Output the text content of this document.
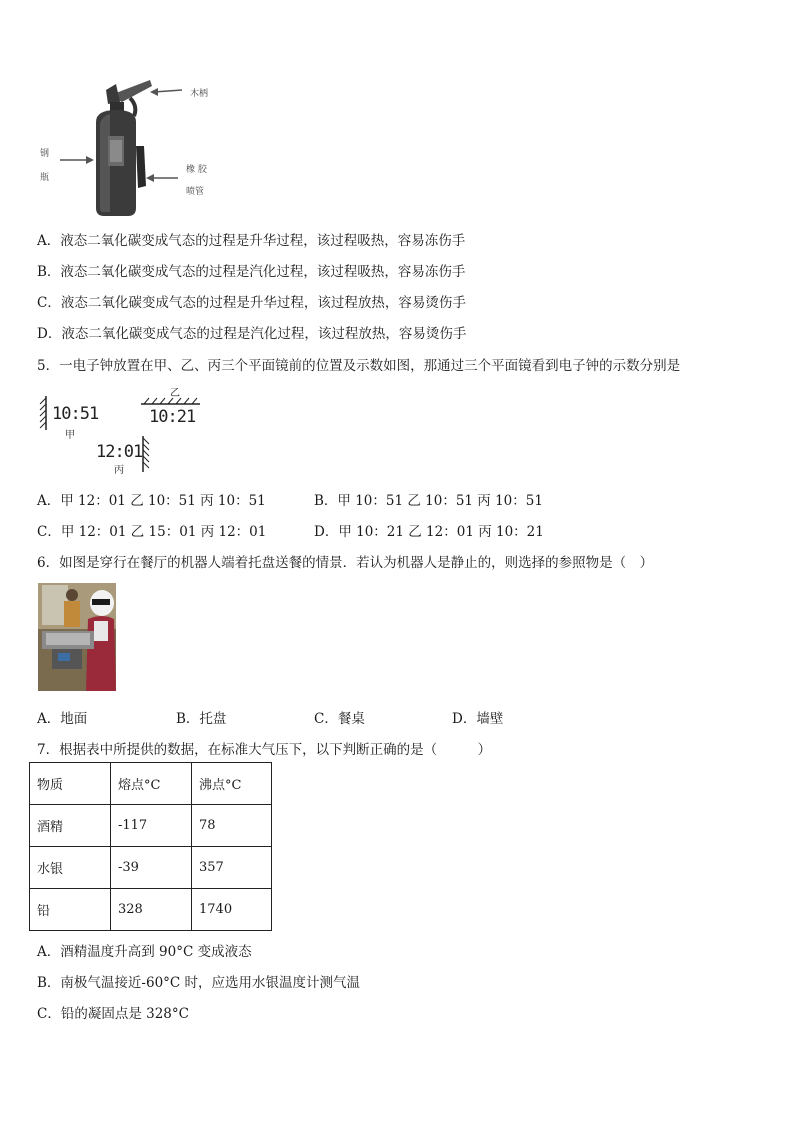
木柄
钢
瓶
橡 胶
喷管
A．液态二氧化碳变成气态的过程是升华过程，该过程吸热，容易冻伤手
B．液态二氧化碳变成气态的过程是汽化过程，该过程吸热，容易冻伤手
C．液态二氧化碳变成气态的过程是升华过程，该过程放热，容易烫伤手
D．液态二氧化碳变成气态的过程是汽化过程，该过程放热，容易烫伤手
5．一电子钟放置在甲、乙、丙三个平面镜前的位置及示数如图，那通过三个平面镜看到电子钟的示数分别是
10:51
甲
乙
10:21
12:01
丙
A．甲 12：01 乙 10：51 丙 10：51	B．甲 10：51 乙 10：51 丙 10：51
C．甲 12：01 乙 15：01 丙 12：01	D．甲 10：21 乙 12：01 丙 10：21
6．如图是穿行在餐厅的机器人端着托盘送餐的情景．若认为机器人是静止的，则选择的参照物是（　）
A．地面	B．托盘	C．餐桌	D．墙壁
7．根据表中所提供的数据，在标准大气压下，以下判断正确的是（　　　）
物质	熔点°C	沸点°C
酒精	-117	78
水银	-39	357
铅	328	1740
A．酒精温度升高到 90°C 变成液态
B．南极气温接近-60°C 时，应选用水银温度计测气温
C．铅的凝固点是 328°C
